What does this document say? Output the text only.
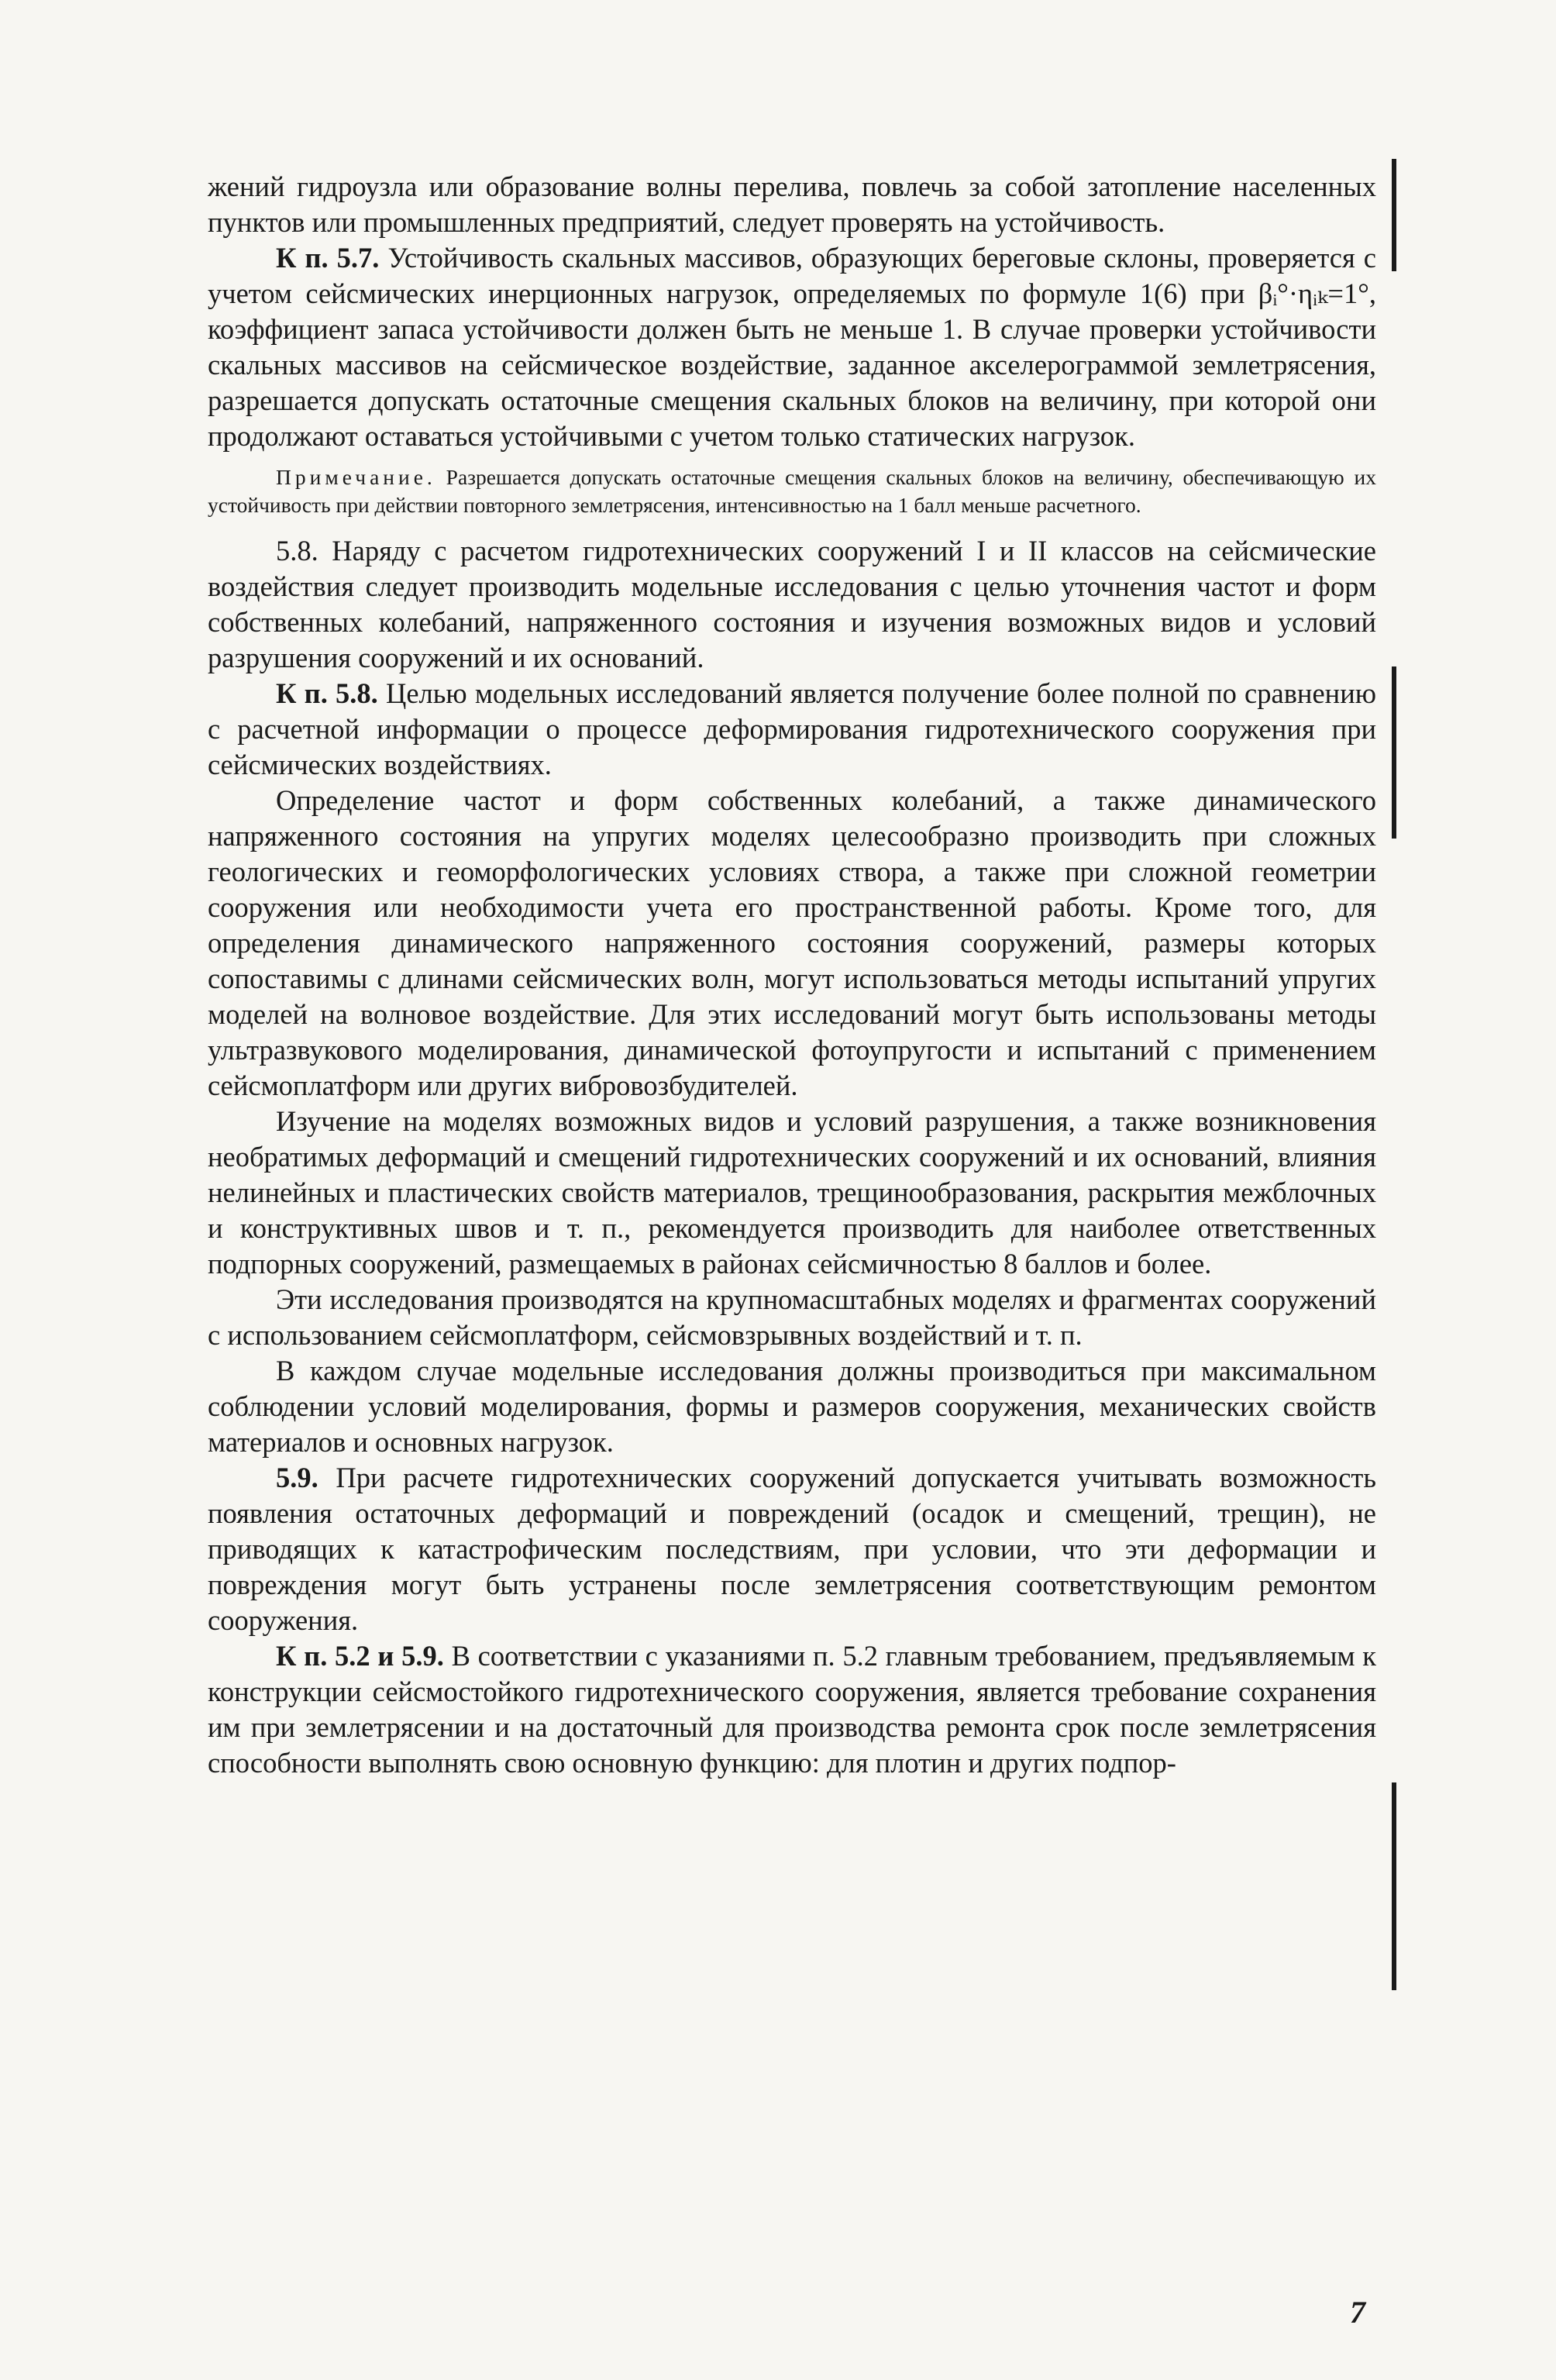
жений гидроузла или образование волны перелива, повлечь за собой затопление населенных пунктов или промышленных предприятий, следует проверять на устойчивость.

К п. 5.7. Устойчивость скальных массивов, образующих береговые склоны, проверяется с учетом сейсмических инерционных нагрузок, определяемых по формуле 1(6) при βᵢ°·ηᵢₖ=1°, коэффициент запаса устойчивости должен быть не меньше 1. В случае проверки устойчивости скальных массивов на сейсмическое воздействие, заданное акселерограммой землетрясения, разрешается допускать остаточные смещения скальных блоков на величину, при которой они продолжают оставаться устойчивыми с учетом только статических нагрузок.

Примечание. Разрешается допускать остаточные смещения скальных блоков на величину, обеспечивающую их устойчивость при действии повторного землетрясения, интенсивностью на 1 балл меньше расчетного.

5.8. Наряду с расчетом гидротехнических сооружений I и II классов на сейсмические воздействия следует производить модельные исследования с целью уточнения частот и форм собственных колебаний, напряженного состояния и изучения возможных видов и условий разрушения сооружений и их оснований.

К п. 5.8. Целью модельных исследований является получение более полной по сравнению с расчетной информации о процессе деформирования гидротехнического сооружения при сейсмических воздействиях.

Определение частот и форм собственных колебаний, а также динамического напряженного состояния на упругих моделях целесообразно производить при сложных геологических и геоморфологических условиях створа, а также при сложной геометрии сооружения или необходимости учета его пространственной работы. Кроме того, для определения динамического напряженного состояния сооружений, размеры которых сопоставимы с длинами сейсмических волн, могут использоваться методы испытаний упругих моделей на волновое воздействие. Для этих исследований могут быть использованы методы ультразвукового моделирования, динамической фотоупругости и испытаний с применением сейсмоплатформ или других вибровозбудителей.

Изучение на моделях возможных видов и условий разрушения, а также возникновения необратимых деформаций и смещений гидротехнических сооружений и их оснований, влияния нелинейных и пластических свойств материалов, трещинообразования, раскрытия межблочных и конструктивных швов и т. п., рекомендуется производить для наиболее ответственных подпорных сооружений, размещаемых в районах сейсмичностью 8 баллов и более.

Эти исследования производятся на крупномасштабных моделях и фрагментах сооружений с использованием сейсмоплатформ, сейсмовзрывных воздействий и т. п.

В каждом случае модельные исследования должны производиться при максимальном соблюдении условий моделирования, формы и размеров сооружения, механических свойств материалов и основных нагрузок.

5.9. При расчете гидротехнических сооружений допускается учитывать возможность появления остаточных деформаций и повреждений (осадок и смещений, трещин), не приводящих к катастрофическим последствиям, при условии, что эти деформации и повреждения могут быть устранены после землетрясения соответствующим ремонтом сооружения.

К п. 5.2 и 5.9. В соответствии с указаниями п. 5.2 главным требованием, предъявляемым к конструкции сейсмостойкого гидротехнического сооружения, является требование сохранения им при землетрясении и на достаточный для производства ремонта срок после землетрясения способности выполнять свою основную функцию: для плотин и других подпор-

7
